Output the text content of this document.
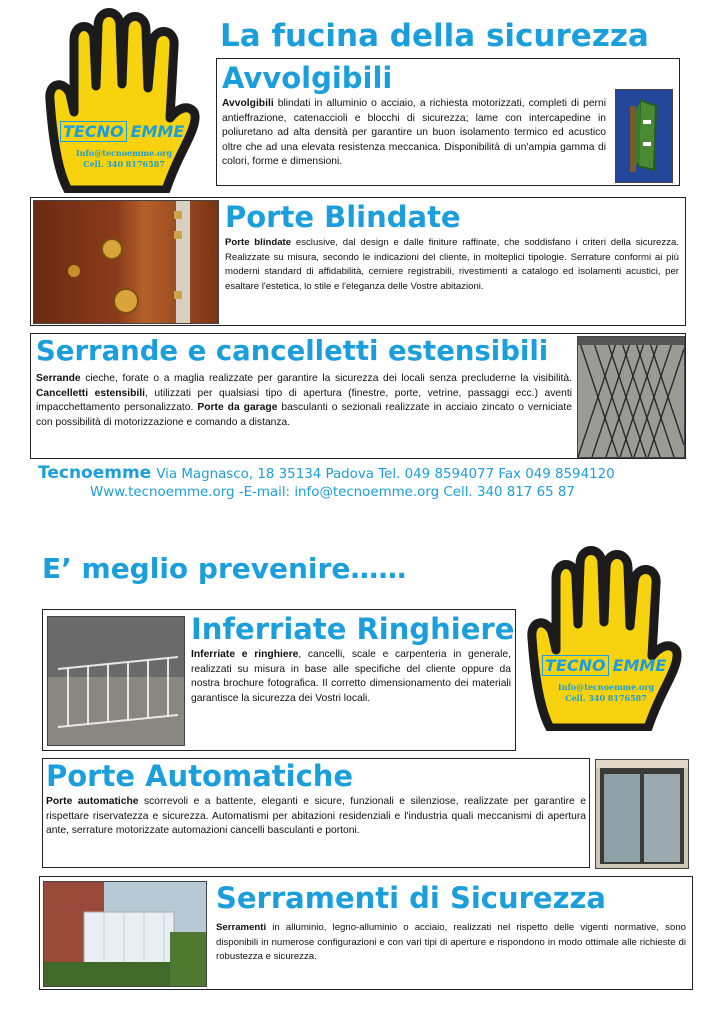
TECNO EMME
Info@tecnoemme.org
Cell. 340 8176587
La fucina della sicurezza
Avvolgibili
Avvolgibili blindati in alluminio o acciaio, a richiesta motorizzati, completi di perni antieffrazione, catenaccioli e blocchi di sicurezza; lame con intercapedine in poliuretano ad alta densità per garantire un buon isolamento termico ed acustico oltre che ad una elevata resistenza meccanica. Disponibilità di un'ampia gamma di colori, forme e dimensioni.
Porte Blindate
Porte blindate esclusive, dal design e dalle finiture raffinate, che soddisfano i criteri della sicurezza. Realizzate su misura, secondo le indicazioni del cliente, in molteplici tipologie. Serrature conformi ai più moderni standard di affidabilità, cerniere registrabili, rivestimenti a catalogo ed isolamenti acustici, per esaltare l'estetica, lo stile e l'eleganza delle Vostre abitazioni.
Serrande e cancelletti estensibili
Serrande cieche, forate o a maglia realizzate per garantire la sicurezza dei locali senza precluderne la visibilità. Cancelletti estensibili, utilizzati per qualsiasi tipo di apertura (finestre, porte, vetrine, passaggi ecc.) aventi impacchettamento personalizzato. Porte da garage basculanti o sezionali realizzate in acciaio zincato o verniciate con possibilità di motorizzazione e comando a distanza.
Tecnoemme Via Magnasco, 18 35134 Padova Tel. 049 8594077 Fax 049 8594120
Www.tecnoemme.org -E-mail: info@tecnoemme.org Cell. 340 817 65 87
E’ meglio prevenire……
TECNO EMME
Info@tecnoemme.org
Cell. 340 8176587
Inferriate Ringhiere
Inferriate e ringhiere, cancelli, scale e carpenteria in generale, realizzati su misura in base alle specifiche del cliente oppure da nostra brochure fotografica. Il corretto dimensionamento dei materiali garantisce la sicurezza dei Vostri locali.
Porte Automatiche
Porte automatiche scorrevoli e a battente, eleganti e sicure, funzionali e silenziose, realizzate per garantire e rispettare riservatezza e sicurezza. Automatismi per abitazioni residenziali e l'industria quali meccanismi di apertura ante, serrature motorizzate automazioni cancelli basculanti e portoni.
Serramenti di Sicurezza
Serramenti in alluminio, legno-alluminio o acciaio, realizzati nel rispetto delle vigenti normative, sono disponibili in numerose configurazioni e con vari tipi di aperture e rispondono in modo ottimale alle richieste di robustezza e sicurezza.
